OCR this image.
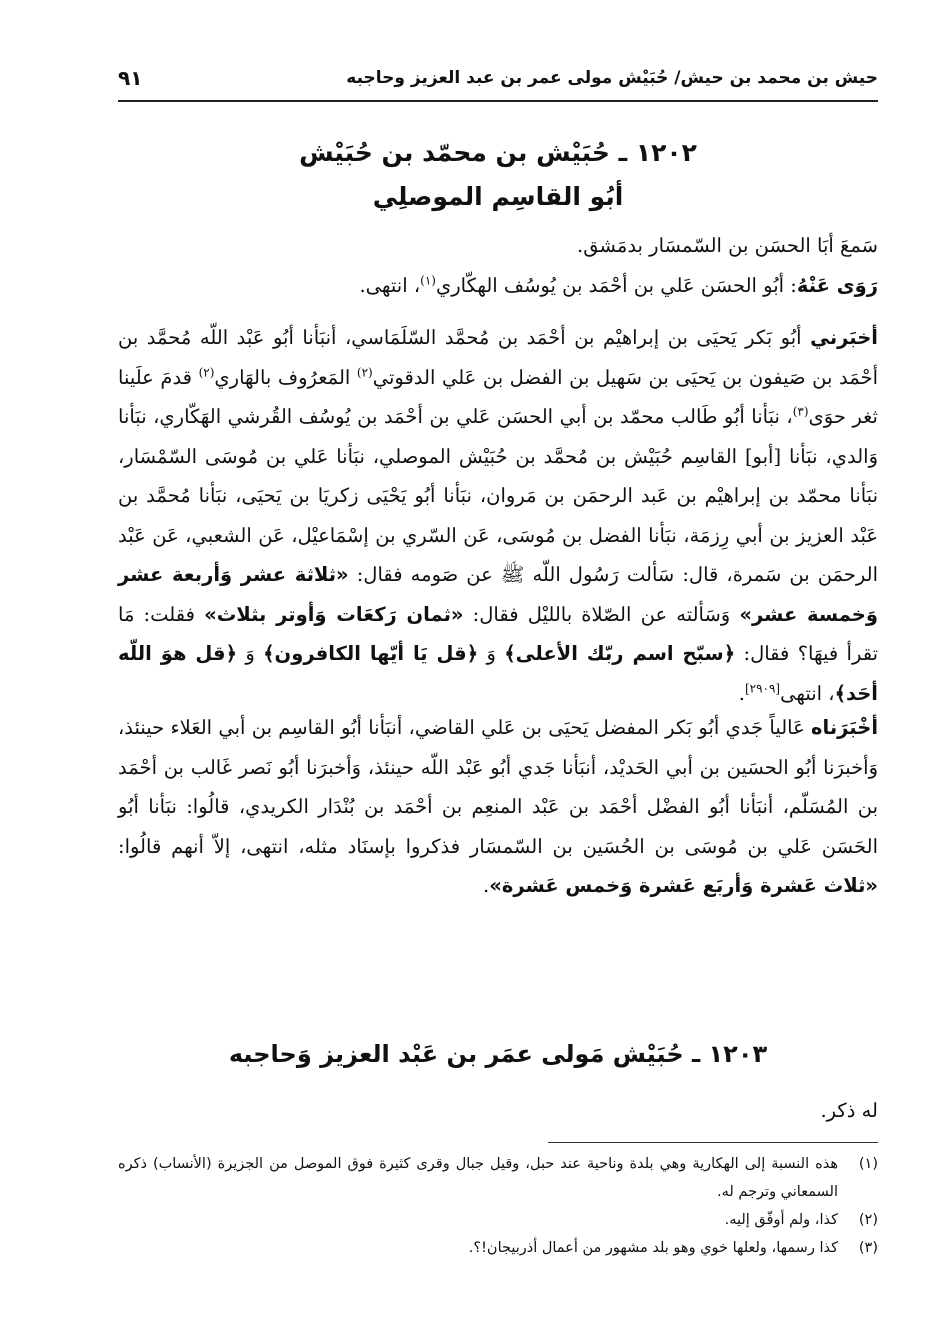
حيش بن محمد بن حيش/ حُبَيْش مولى عمر بن عبد العزيز وحاجبه
٩١
١٢٠٢ ـ حُبَيْش بن محمّد بن حُبَيْش
أبُو القاسِم الموصلِي
سَمعَ أبَا الحسَن بن السّمسَار بدمَشق.
رَوَى عَنْهُ: أبُو الحسَن عَلي بن أحْمَد بن يُوسُف الهكّاري$^{(١)}$، انتهى.
أخبَرني أبُو بَكر يَحيَى بن إبراهيْم بن أحْمَد بن مُحمَّد السّلَمَاسي، أنبَأنا أبُو عَبْد اللّه مُحمَّد بن أحْمَد بن صَيفون بن يَحيَى بن سَهيل بن الفضل بن عَلي الدقوتي$^{(٢)}$ المَعرُوف بالهَاري$^{(٢)}$ قدمَ علَينا ثغر حوَى$^{(٣)}$، نبَأنا أبُو طَالب محمّد بن أبي الحسَن عَلي بن أحْمَد بن يُوسُف القُرشي الهَكّاري، نبَأنا وَالدي، نبَأنا [أبو] القاسِم حُبَيْش بن مُحمَّد بن حُبَيْش الموصلي، نبَأنا عَلي بن مُوسَى السّمْسَار، نبَأنا محمّد بن إبراهيْم بن عَبد الرحمَن بن مَروان، نبَأنا أبُو يَحْيَى زكريَا بن يَحيَى، نبَأنا مُحمَّد بن عَبْد العزيز بن أبي رِزمَة، نبَأنا الفضل بن مُوسَى، عَن السّري بن إسْمَاعيْل، عَن الشعبي، عَن عَبْد الرحمَن بن سَمرة، قال: سَألت رَسُول اللّه ﷺ عن صَومه فقال: «ثلاثة عشر وَأربعة عشر وَخمسة عشر» وَسَألته عن الصّلاة بالليْل فقال: «ثمان رَكعَات وَأوتر بثلاث» فقلت: مَا تقرأ فيهَا؟ فقال: ﴿سبّح اسم ربّك الأعلى﴾ وَ ﴿قل يَا أيّها الكافرون﴾ وَ ﴿قل هوَ اللّه أحَد﴾، انتهى[٢٩٠٩].
أخْبَرَناه عَالياً جَدي أبُو بَكر المفضل يَحيَى بن عَلي القاضي، أنبَأنا أبُو القاسِم بن أبي العَلاء حينئذ، وَأخبرَنا أبُو الحسَين بن أبي الحَديْد، أنبَأنا جَدي أبُو عَبْد اللّه حينئذ، وَأخبرَنا أبُو نَصر غَالب بن أحْمَد بن المُسَلّم، أنبَأنا أبُو الفضْل أحْمَد بن عَبْد المنعِم بن أحْمَد بن بُنْدَار الكريدي، قالُوا: نبَأنا أبُو الحَسَن عَلي بن مُوسَى بن الحُسَين بن السّمسَار فذكروا بإسنَاد مثله، انتهى، إلاّ أنهم قالُوا: «ثلاث عَشرة وَأربَع عَشرة وَخمس عَشرة».
١٢٠٣ ـ حُبَيْش مَولى عمَر بن عَبْد العزيز وَحاجبه
له ذكر.
(١)
هذه النسبة إلى الهكارية وهي بلدة وناحية عند حبل، وقيل جبال وقرى كثيرة فوق الموصل من الجزيرة (الأنساب) ذكره السمعاني وترجم له.
(٢)
كذا، ولم أوفّق إليه.
(٣)
كذا رسمها، ولعلها خوي وهو بلد مشهور من أعمال أذربيجان!؟.
